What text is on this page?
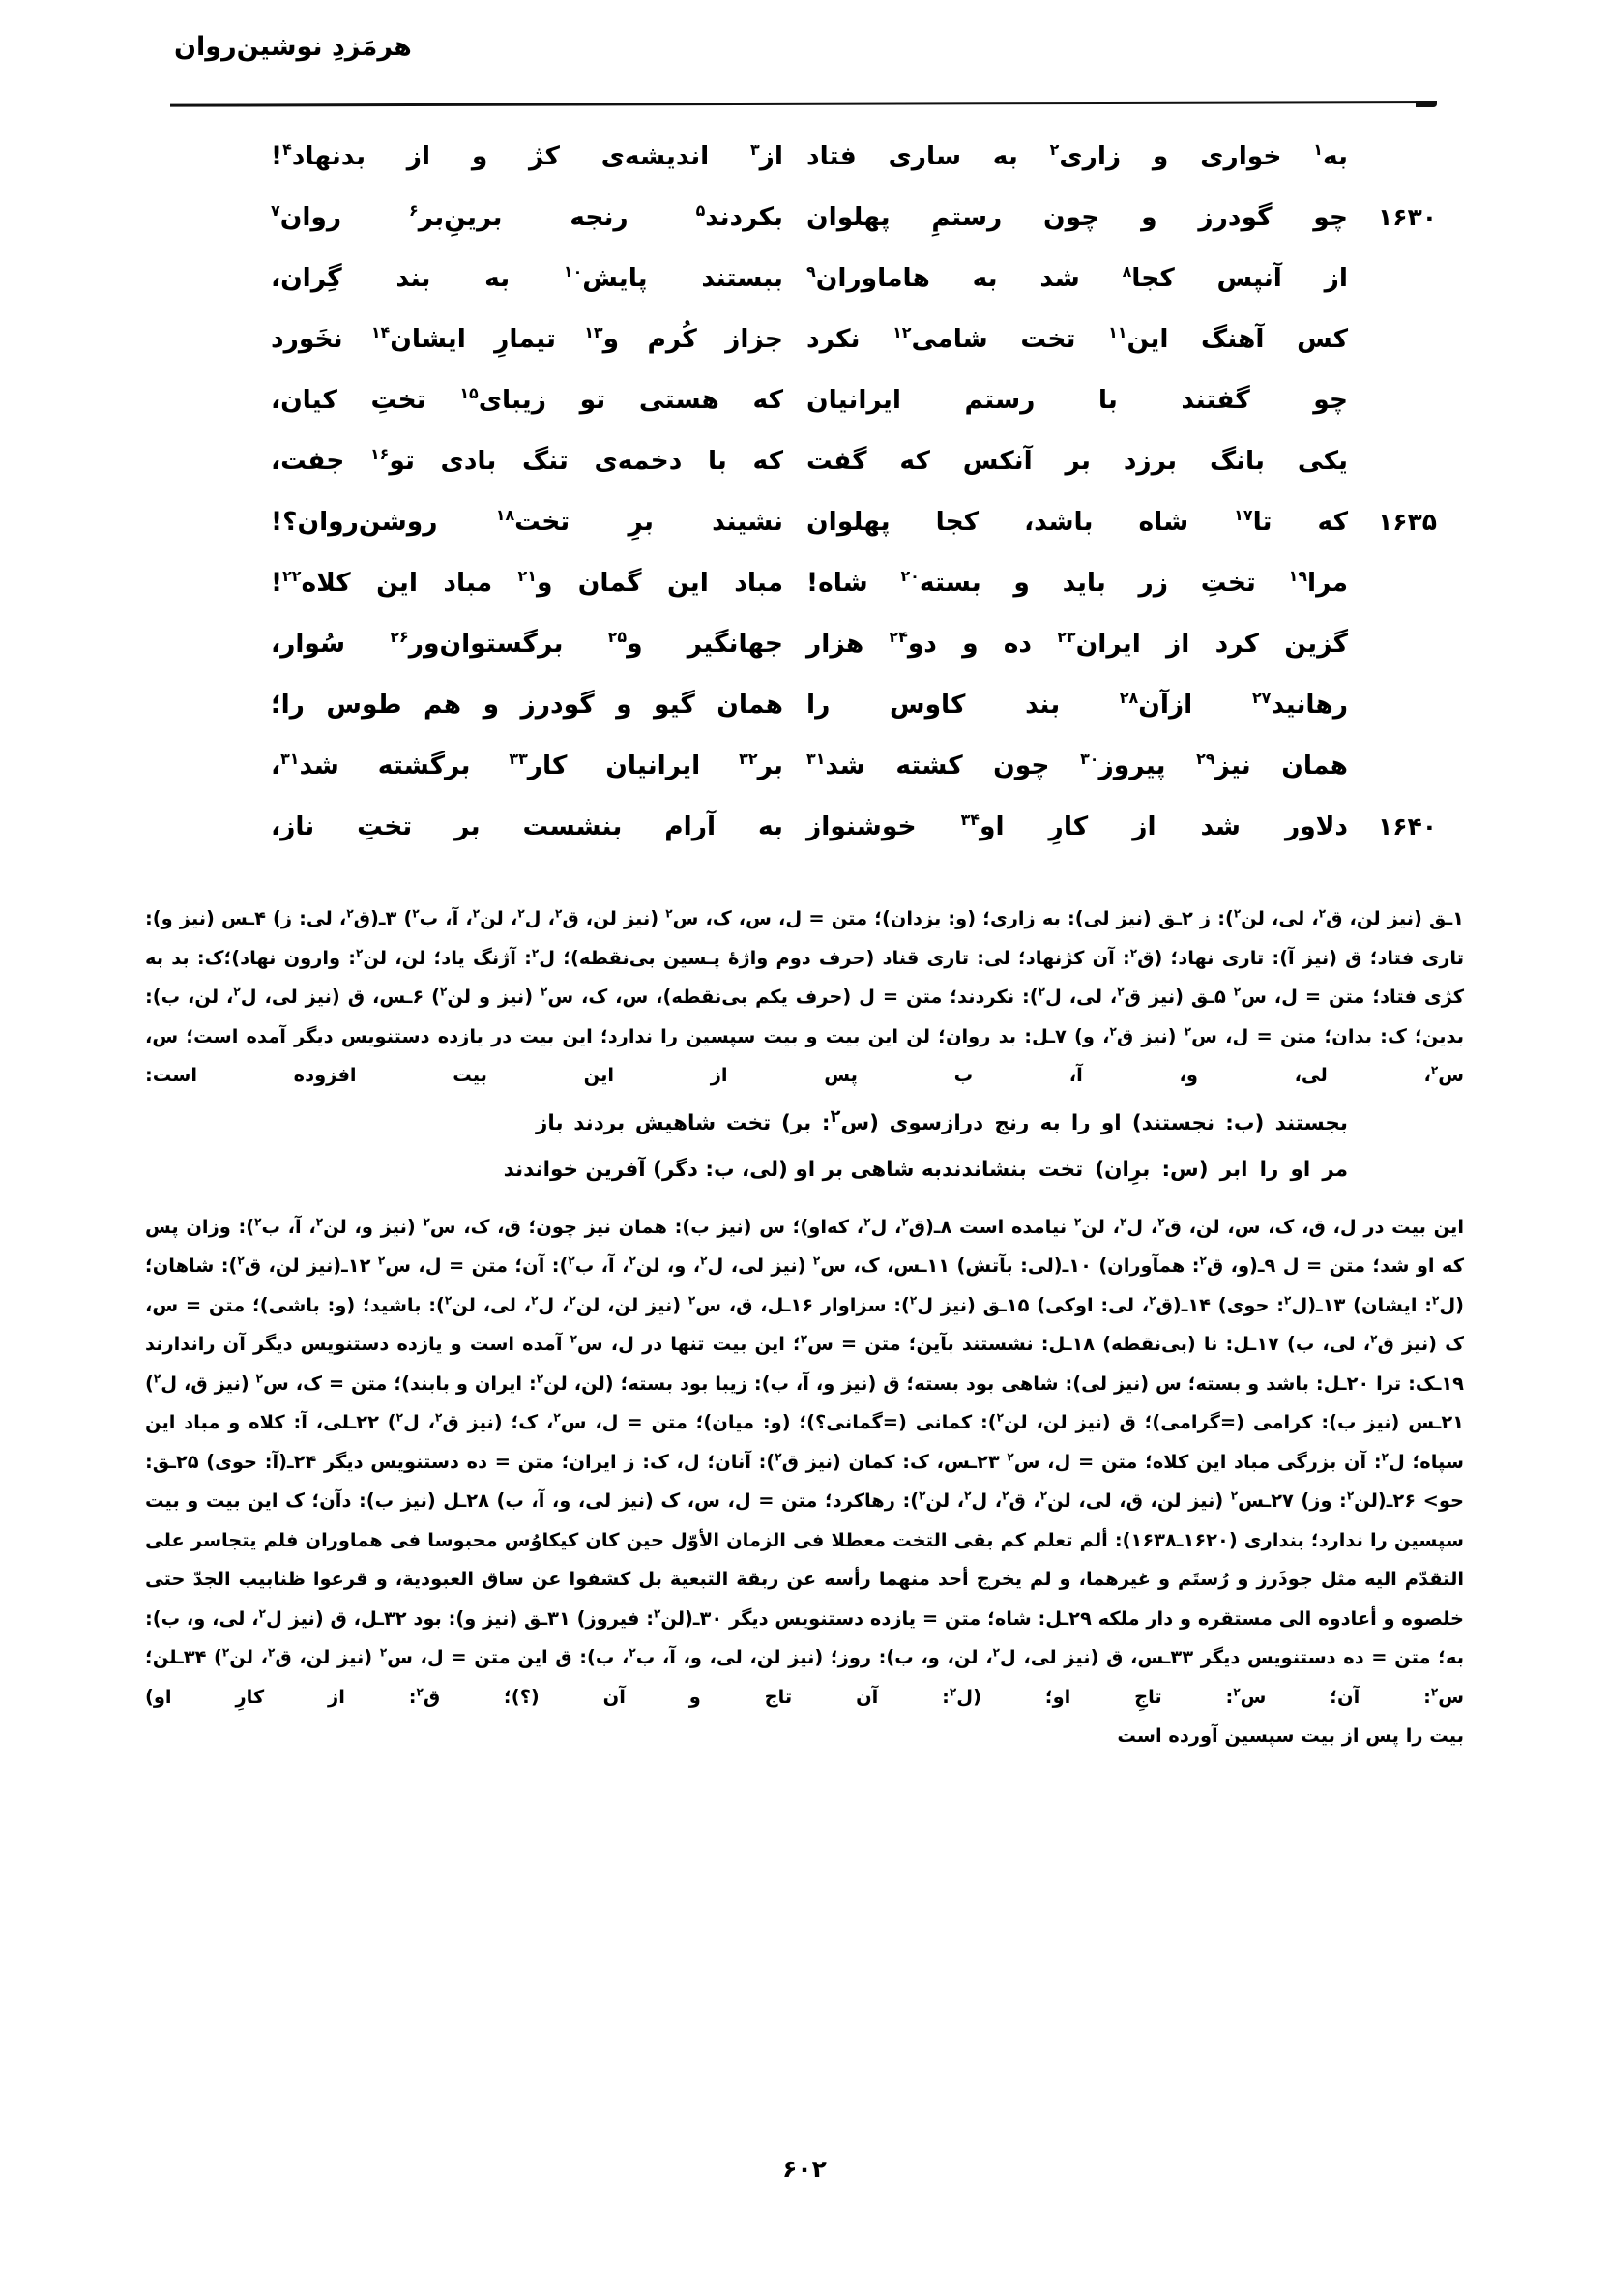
هرمَزدِ نوشین‌روان
به$^۱$ خواری و زاری$^۲$ به ساری فتاد
از$^۳$ اندیشه‌ی کژ و از بدنهاد$^۴$!
۱۶۳۰
چو گودرز و چون رستمِ پهلوان
بکردند$^۵$ رنجه برینِ‌بر$^۶$ روان$^۷$
از آنپس کجا$^۸$ شد به هاماوران$^۹$
ببستند پایش$^{۱۰}$ به بند گِران،
کس آهنگ این$^{۱۱}$ تخت شامی$^{۱۲}$ نکرد
جزاز کُرم و$^{۱۳}$ تیمارِ ایشان$^{۱۴}$ نخَورد
چو گفتند با رستم ایرانیان
که هستی تو زیبای$^{۱۵}$ تختِ کیان،
یکی بانگ برزد بر آنکس که گفت
که با دخمه‌ی تنگ بادی تو$^{۱۶}$ جفت،
۱۶۳۵
که تا$^{۱۷}$ شاه باشد، کجا پهلوان
نشیند برِ تخت$^{۱۸}$ روشن‌روان؟!
مرا$^{۱۹}$ تختِ زر باید و بسته$^{۲۰}$ شاه!
مباد این گمان و$^{۲۱}$ مباد این کلاه$^{۲۲}$!
گزین کرد از ایران$^{۲۳}$ ده و دو$^{۲۴}$ هزار
جهانگیر و$^{۲۵}$ برگستوان‌ور$^{۲۶}$ سُوار،
رهانید$^{۲۷}$ ازآن$^{۲۸}$ بند کاوس را
همان گیو و گودرز و هم طوس را؛
همان نیز$^{۲۹}$ پیروز$^{۳۰}$ چون کشته شد$^{۳۱}$
بر$^{۳۲}$ ایرانیان کار$^{۳۳}$ برگشته شد$^{۳۱}$،
۱۶۴۰
دلاور شد از کارِ او$^{۳۴}$ خوشنواز
به آرام بنشست بر تختِ ناز،

۱ـق (نیز لن، ق$^۲$، لی، لن$^۲$): ز ۲ـق (نیز لی): به زاری؛ (و: یزدان)؛ متن = ل، س، ک، س$^۲$ (نیز لن، ق$^۲$، ل$^۲$، لن$^۲$، آ، ب$^۲$) ۳ـ(ق$^۲$، لی: ز) ۴ـس (نیز و): تاری فتاد؛ ق (نیز آ): تاری نهاد؛ (ق$^۲$: آن کژنهاد؛ لی: تاری قناد (حرف دوم واژهٔ پـسین بی‌نقطه)؛ ل$^۲$: آژنگ یاد؛ لن، لن$^۲$: وارون نهاد)؛ک: بد به کژی فتاد؛ متن = ل، س$^۲$ ۵ـق (نیز ق$^۲$، لی، ل$^۲$): نکردند؛ متن = ل (حرف یکم بی‌نقطه)، س، ک، س$^۲$ (نیز و لن$^۲$) ۶ـس، ق (نیز لی، ل$^۲$، لن، ب): بدین؛ ک: بدان؛ متن = ل، س$^۲$ (نیز ق$^۲$، و) ۷ـل: بد روان؛ لن این بیت و بیت سپسین را ندارد؛ این بیت در یازده دستنویس دیگر آمده است؛ س، س$^۲$، لی، و، آ، ب پس از این بیت افزوده است:

بجستند (ب: نجستند) او را به رنج دراز
سوی (س$^۲$: بر) تخت شاهیش بردند باز
مر او را ابر (س: برِان) تخت بنشاندند
به شاهی بر او (لی، ب: دگر) آفرین خواندند

این بیت در ل، ق، ک، س، لن، ق$^۲$، ل$^۲$، لن$^۲$ نیامده است ۸ـ(ق$^۲$، ل$^۲$، که‌او)؛ س (نیز ب): همان نیز چون؛ ق، ک، س$^۲$ (نیز و، لن$^۲$، آ، ب$^۲$): وزان پس که او شد؛ متن = ل ۹ـ(و، ق$^۲$: همآوران) ۱۰ـ(لی: بآتش) ۱۱ـس، ک، س$^۲$ (نیز لی، ل$^۲$، و، لن$^۲$، آ، ب$^۲$): آن؛ متن = ل، س$^۲$ ۱۲ـ(نیز لن، ق$^۲$): شاهان؛ (ل$^۲$: ایشان) ۱۳ـ(ل$^۲$: حوی) ۱۴ـ(ق$^۲$، لی: اوکی) ۱۵ـق (نیز ل$^۲$): سزاوار ۱۶ـل، ق، س$^۲$ (نیز لن، لن$^۲$، ل$^۲$، لی، لن$^۲$): باشید؛ (و: باشی)؛ متن = س، ک (نیز ق$^۲$، لی، ب) ۱۷ـل: نا (بی‌نقطه) ۱۸ـل: نشستند بآین؛ متن = س$^۲$؛ این بیت تنها در ل، س$^۲$ آمده است و یازده دستنویس دیگر آن راندارند ۱۹ـک: ترا ۲۰ـل: باشد و بسته؛ س (نیز لی): شاهی بود بسته؛ ق (نیز و، آ، ب): زیبا بود بسته؛ (لن، لن$^۲$: ایران و بابند)؛ متن = ک، س$^۲$ (نیز ق، ل$^۲$) ۲۱ـس (نیز ب): کرامی (=گرامی)؛ ق (نیز لن، لن$^۲$): کمانی (=گمانی؟)؛ (و: میان)؛ متن = ل، س$^۲$، ک؛ (نیز ق$^۲$، ل$^۲$) ۲۲ـلی، آ: کلاه و مباد این سپاه؛ ل$^۲$: آن بزرگی مباد این کلاه؛ متن = ل، س$^۲$ ۲۳ـس، ک: کمان (نیز ق$^۲$): آنان؛ ل، ک: ز ایران؛ متن = ده دستنویس دیگر ۲۴ـ(آ: حوی) ۲۵ـق: حو> ۲۶ـ(لن$^۲$: وز) ۲۷ـس$^۲$ (نیز لن، ق، لی، لن$^۲$، ق$^۲$، ل$^۲$، لن$^۲$): رهاکرد؛ متن = ل، س، ک (نیز لی، و، آ، ب) ۲۸ـل (نیز ب): دآن؛ ک این بیت و بیت سپسین را ندارد؛ بنداری (۱۶۲۰ـ۱۶۳۸): ألم تعلم کم بقی التخت معطلا فی الزمان الأوّل حین کان کیکاوُس محبوسا فی هماوران فلم یتجاسر علی التقدّم الیه مثل جوذَرز و رُستَم و غیرهما، و لم یخرج أحد منهما رأسه عن ربقة التبعیة بل کشفوا عن ساق العبودیة، و قرعوا ظنابیب الجدّ حتی خلصوه و أعادوه الی مستقره و دار ملکه ۲۹ـل: شاه؛ متن = یازده دستنویس دیگر ۳۰ـ(لن$^۲$: فیروز) ۳۱ـق (نیز و): بود ۳۲ـل، ق (نیز ل$^۲$، لی، و، ب): به؛ متن = ده دستنویس دیگر ۳۳ـس، ق (نیز لی، ل$^۲$، لن، و، ب): روز؛ (نیز لن، لی، و، آ، ب$^۲$، ب): ق این متن = ل، س$^۲$ (نیز لن، ق$^۲$، لن$^۲$) ۳۴ـلن؛ س$^۲$: آن؛ س$^۲$: تاجِ او؛ (ل$^۲$: آن تاج و آن (؟)؛ ق$^۲$: از کارِ او)

بیت را پس از بیت سپسین آورده است

۶۰۲
